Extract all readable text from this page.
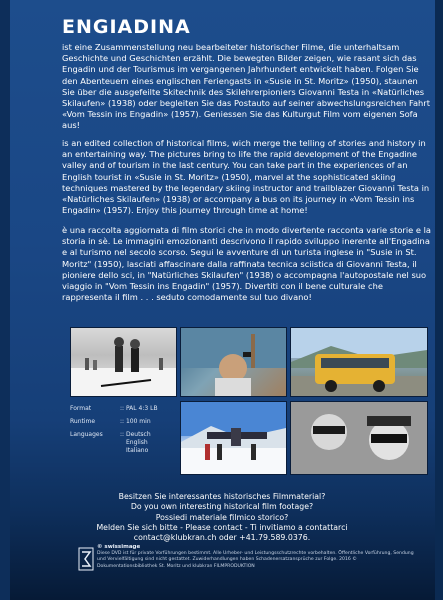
ENGIADINA
ist eine Zusammenstellung neu bearbeiteter historischer Filme, die unterhaltsam Geschichte und Geschichten erzählt. Die bewegten Bilder zeigen, wie rasant sich das Engadin und der Tourismus im vergangenen Jahrhundert entwickelt haben. Folgen Sie den Abenteuern eines englischen Feriengasts in «Susie in St. Moritz» (1950), staunen Sie über die ausgefeilte Skitechnik des Skilehrerpioniers Giovanni Testa in «Natürliches Skilaufen» (1938) oder begleiten Sie das Postauto auf seiner abwechslungsreichen Fahrt «Vom Tessin ins Engadin» (1957). Geniessen Sie das Kulturgut Film vom eigenen Sofa aus!
is an edited collection of historical films, wich merge the telling of stories and history in an entertaining way. The pictures bring to life the rapid development of the Engadine valley and of tourism in the last century. You can take part in the experiences of an English tourist in «Susie in St. Moritz» (1950), marvel at the sophisticated skiing techniques mastered by the legendary skiing instructor and trailblazer Giovanni Testa in «Natürliches Skilaufen» (1938) or accompany a bus on its journey in «Vom Tessin ins Engadin» (1957). Enjoy this journey through time at home!
è una raccolta aggiornata di film storici che in modo divertente racconta varie storie e la storia in sè. Le immagini emozionanti descrivono il rapido sviluppo inerente all'Engadina e al turismo nel secolo scorso. Segui le avventure di un turista inglese in "Susie in St. Moritz" (1950), lasciati affascinare dalla raffinata tecnica sciistica di Giovanni Testa, il pioniere dello sci, in "Natürliches Skilaufen" (1938) o accompagna l'autopostale nel suo viaggio in "Vom Tessin ins Engadin" (1957). Divertiti con il bene culturale che rappresenta il film . . . seduto comodamente sul tuo divano!
Format	:: PAL 4:3 LB
Runtime	:: 100 min
Languages	:: Deutsch
English
Italiano
Besitzen Sie interessantes historisches Filmmaterial?
Do you own interesting historical film footage?
Possiedi materiale filmico storico?
Melden Sie sich bitte - Please contact - Ti invitiamo a contattarci
contact@klubkran.ch oder +41.79.589.0376.
© swissimage
Diese DVD ist für private Vorführungen bestimmt. Alle Urheber- und Leistungsschutzrechte vorbehalten. Öffentliche Vorführung, Sendung und Vervielfältigung sind nicht gestattet. Zuwiderhandlungen haben Schadenersatzansprüche zur Folge. 2016 © Dokumentationsbibliothek St. Moritz und klubkran FILMPRODUKTION
